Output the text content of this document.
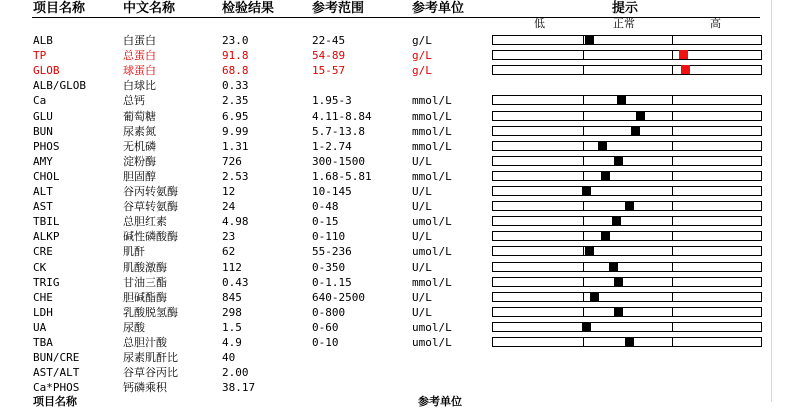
项目名称	中文名称	检验结果	参考范围	参考单位	提示
低	正常	高
ALB	白蛋白	23.0	22-45	g/L
TP	总蛋白	91.8	54-89	g/L
GLOB	球蛋白	68.8	15-57	g/L
ALB/GLOB	白球比	0.33
Ca	总钙	2.35	1.95-3	mmol/L
GLU	葡萄糖	6.95	4.11-8.84	mmol/L
BUN	尿素氮	9.99	5.7-13.8	mmol/L
PHOS	无机磷	1.31	1-2.74	mmol/L
AMY	淀粉酶	726	300-1500	U/L
CHOL	胆固醇	2.53	1.68-5.81	mmol/L
ALT	谷丙转氨酶	12	10-145	U/L
AST	谷草转氨酶	24	0-48	U/L
TBIL	总胆红素	4.98	0-15	umol/L
ALKP	碱性磷酸酶	23	0-110	U/L
CRE	肌酐	62	55-236	umol/L
CK	肌酸激酶	112	0-350	U/L
TRIG	甘油三酯	0.43	0-1.15	mmol/L
CHE	胆碱酯酶	845	640-2500	U/L
LDH	乳酸脱氢酶	298	0-800	U/L
UA	尿酸	1.5	0-60	umol/L
TBA	总胆汁酸	4.9	0-10	umol/L
BUN/CRE	尿素肌酐比	40
AST/ALT	谷草谷丙比	2.00
Ca*PHOS	钙磷乘积	38.17
项目名称	参考单位
